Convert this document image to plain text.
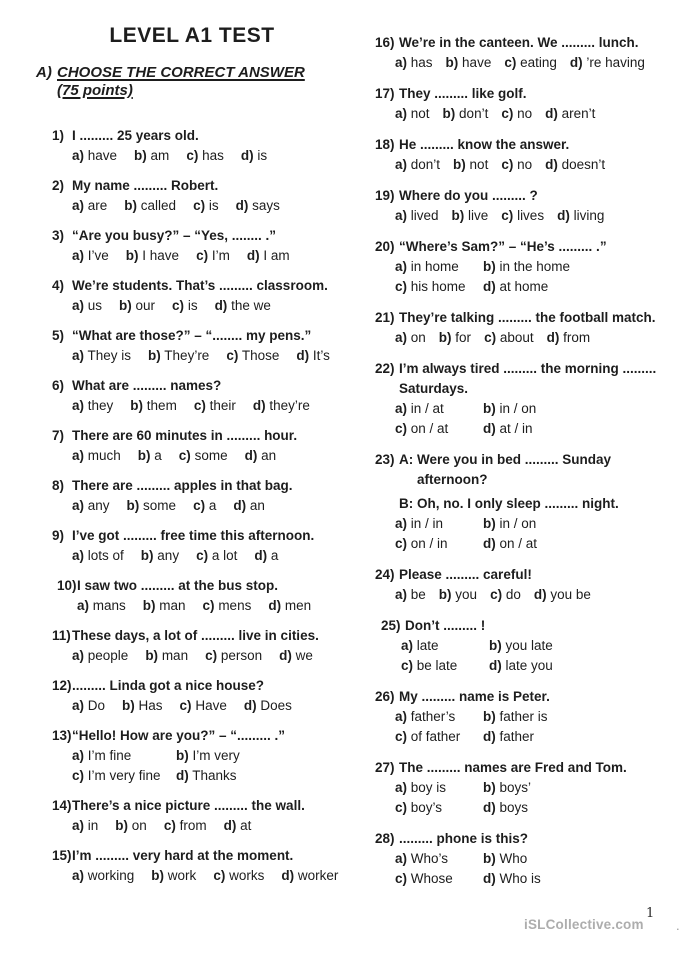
LEVEL A1 TEST
A) CHOOSE THE CORRECT ANSWER
(75 points)
1) I ......... 25 years old.
a) have b) am c) has d) is
2) My name ......... Robert.
a) are b) called c) is d) says
3) “Are you busy?” – “Yes, ........ .”
a) I’ve b) I have c) I’m d) I am
4) We’re students. That’s ......... classroom.
a) us b) our c) is d) the we
5) “What are those?” – “........ my pens.”
a) They is b) They’re c) Those d) It’s
6) What are ......... names?
a) they b) them c) their d) they’re
7) There are 60 minutes in ......... hour.
a) much b) a c) some d) an
8) There are ......... apples in that bag.
a) any b) some c) a d) an
9) I’ve got ......... free time this afternoon.
a) lots of b) any c) a lot d) a
10) I saw two ......... at the bus stop.
a) mans b) man c) mens d) men
11) These days, a lot of ......... live in cities.
a) people b) man c) person d) we
12) ......... Linda got a nice house?
a) Do b) Has c) Have d) Does
13) “Hello! How are you?” – “......... .”
a) I’m fine	b) I’m very
c) I’m very fine	d) Thanks
14) There’s a nice picture ......... the wall.
a) in b) on c) from d) at
15) I’m ......... very hard at the moment.
a) working b) work c) works d) worker
16) We’re in the canteen. We ......... lunch.
a) has b) have c) eating d) ’re having
17) They ......... like golf.
a) not b) don’t c) no d) aren’t
18) He ......... know the answer.
a) don’t b) not c) no d) doesn’t
19) Where do you ......... ?
a) lived b) live c) lives d) living
20) “Where’s Sam?” – “He’s ......... .”
a) in home	b) in the home
c) his home	d) at home
21) They’re talking ......... the football match.
a) on b) for c) about d) from
22) I’m always tired ......... the morning .........
Saturdays.
a) in / at	b) in / on
c) on / at	d) at / in
23) A: Were you in bed ......... Sunday
afternoon?
B: Oh, no. I only sleep ......... night.
a) in / in	b) in / on
c) on / in	d) on / at
24) Please ......... careful!
a) be b) you c) do d) you be
25) Don’t ......... !
a) late	b) you late
c) be late	d) late you
26) My ......... name is Peter.
a) father’s	b) father is
c) of father	d) father
27) The ......... names are Fred and Tom.
a) boy is	b) boys’
c) boy’s	d) boys
28) ......... phone is this?
a) Who’s	b) Who
c) Whose	d) Who is
1
iSLCollective.com .
